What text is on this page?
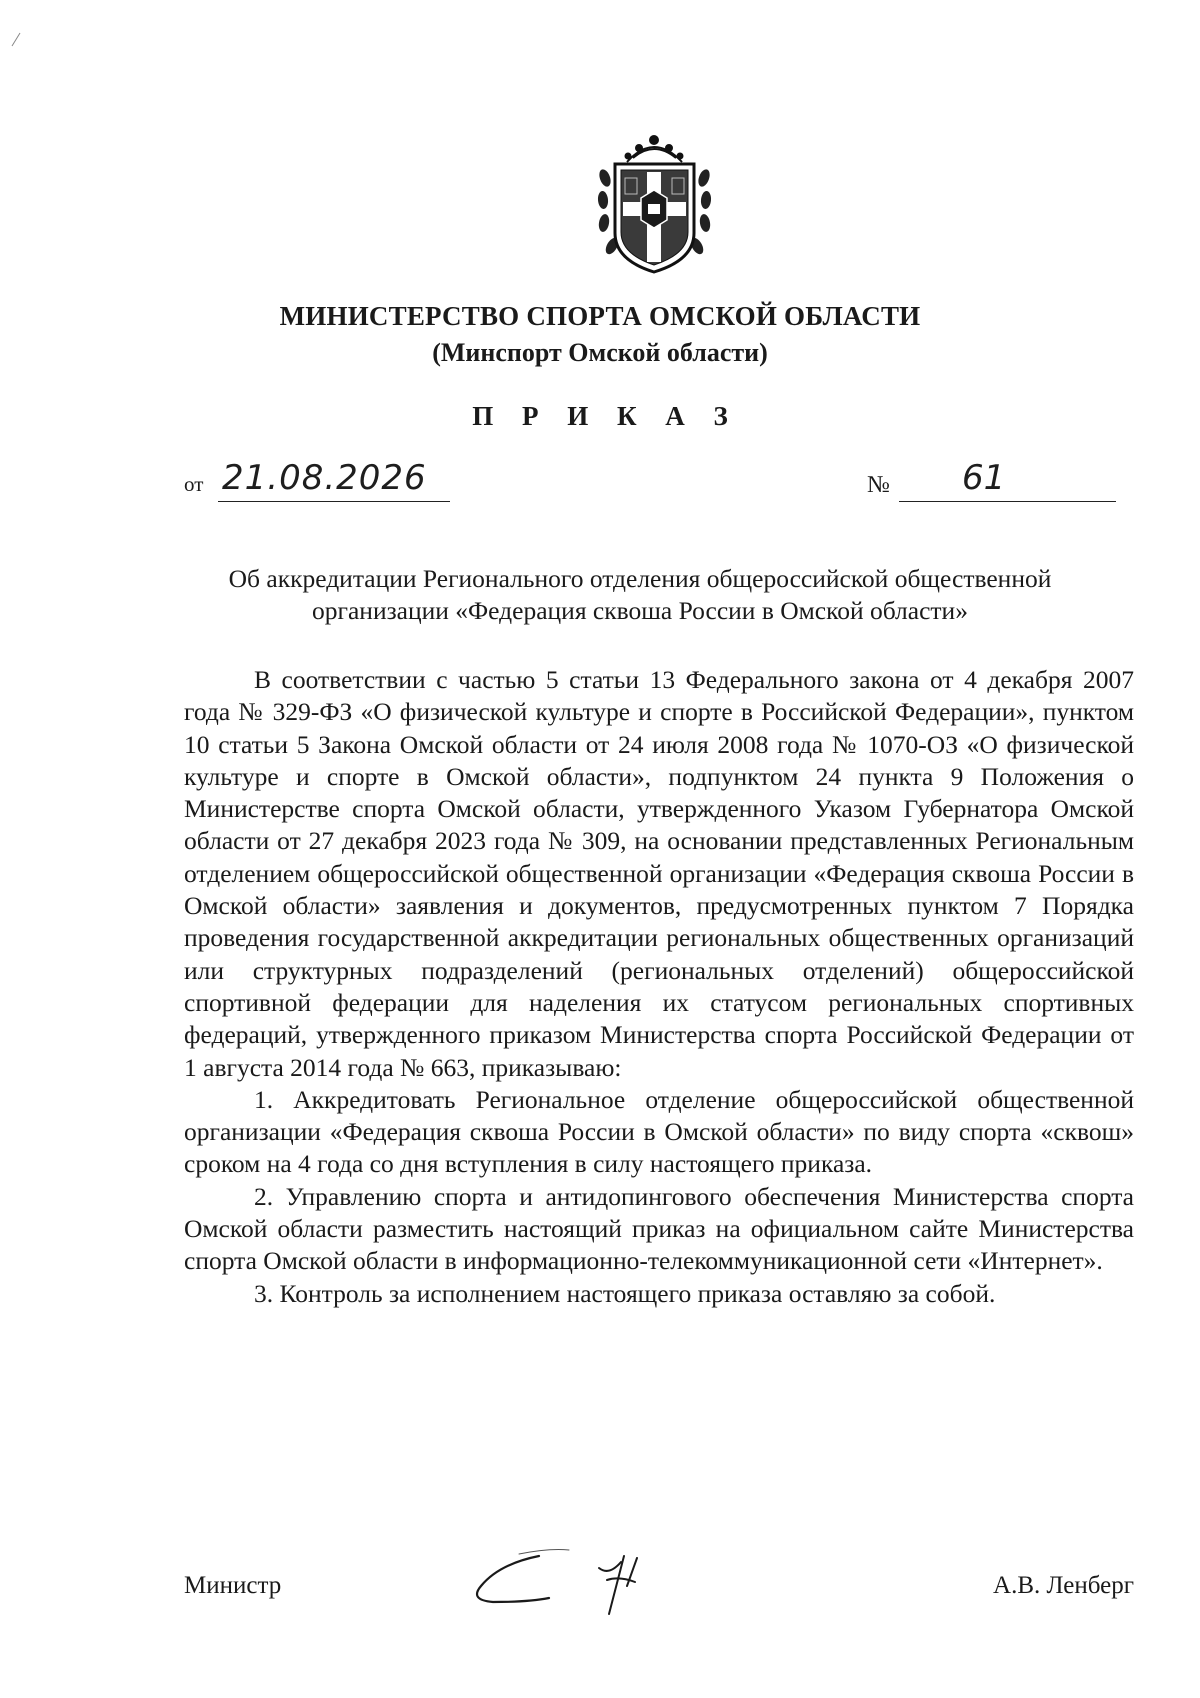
МИНИСТЕРСТВО СПОРТА ОМСКОЙ ОБЛАСТИ
(Минспорт Омской области)
П Р И К А З
от 21.08.2026	№ 61
Об аккредитации Регионального отделения общероссийской общественной
организации «Федерация сквоша России в Омской области»

В соответствии с частью 5 статьи 13 Федерального закона от 4 декабря 2007 года № 329-ФЗ «О физической культуре и спорте в Российской Федерации», пунктом 10 статьи 5 Закона Омской области от 24 июля 2008 года № 1070-ОЗ «О физической культуре и спорте в Омской области», подпунктом 24 пункта 9 Положения о Министерстве спорта Омской области, утвержденного Указом Губернатора Омской области от 27 декабря 2023 года № 309, на основании представленных Региональным отделением общероссийской общественной организации «Федерация сквоша России в Омской области» заявления и документов, предусмотренных пунктом 7 Порядка проведения государственной аккредитации региональных общественных организаций или структурных подразделений (региональных отделений) общероссийской спортивной федерации для наделения их статусом региональных спортивных федераций, утвержденного приказом Министерства спорта Российской Федерации от 1 августа 2014 года № 663, приказываю:

1. Аккредитовать Региональное отделение общероссийской общественной организации «Федерация сквоша России в Омской области» по виду спорта «сквош» сроком на 4 года со дня вступления в силу настоящего приказа.

2. Управлению спорта и антидопингового обеспечения Министерства спорта Омской области разместить настоящий приказ на официальном сайте Министерства спорта Омской области в информационно-телекоммуникационной сети «Интернет».

3. Контроль за исполнением настоящего приказа оставляю за собой.

Министр	А.В. Ленберг
